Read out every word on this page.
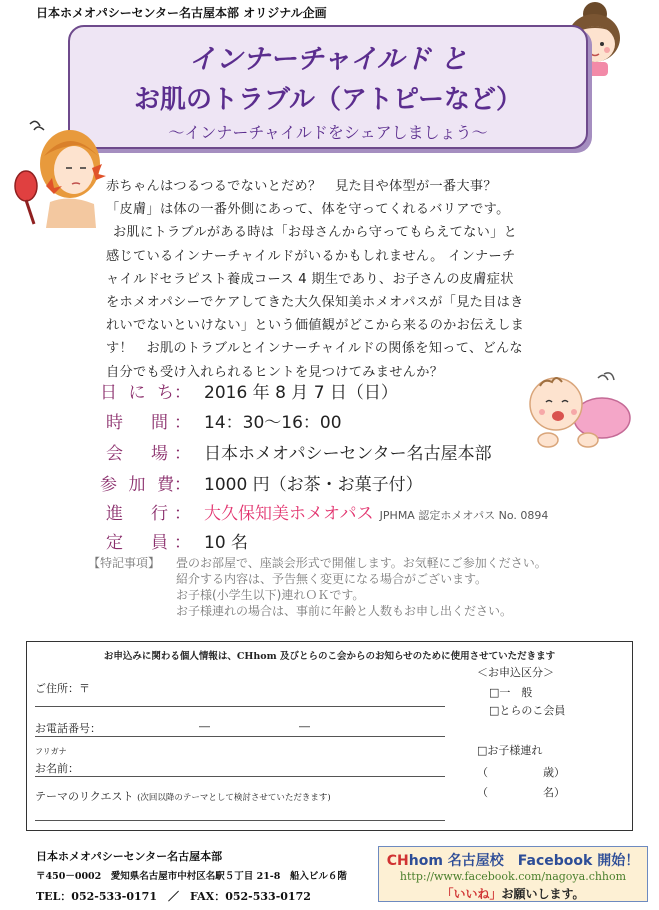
日本ホメオパシーセンター名古屋本部 オリジナル企画
インナーチャイルド と
お肌のトラブル（アトピーなど）
～インナーチャイルドをシェアしましょう～

赤ちゃんはつるつるでないとだめ？　見た目や体型が一番大事？

「皮膚」は体の一番外側にあって、体を守ってくれるバリアです。

お肌にトラブルがある時は「お母さんから守ってもらえてない」と

感じているインナーチャイルドがいるかもしれません。 インナーチ

ャイルドセラピスト養成コース 4 期生であり、お子さんの皮膚症状

をホメオパシーでケアしてきた大久保知美ホメオパスが「見た目はき

れいでないといけない」という価値観がどこから来るのかお伝えしま

す！　お肌のトラブルとインナーチャイルドの関係を知って、どんな

自分でも受け入れられるヒントを見つけてみませんか？

日にち ： 2016 年 8 月 7 日（日）
時間 ： 14：30～16：00
会場 ： 日本ホメオパシーセンター名古屋本部
参加費 ： 1000 円（お茶・お菓子付）
進行 ： 大久保知美ホメオパス JPHMA 認定ホメオパス No. 0894
定員 ： 10 名
【特記事項】 畳のお部屋で、座談会形式で開催します。お気軽にご参加ください。
紹介する内容は、予告無く変更になる場合がございます。
お子様(小学生以下)連れＯＫです。
お子様連れの場合は、事前に年齢と人数もお申し出ください。
お申込みに関わる個人情報は、CHhom 及びとらのこ会からのお知らせのために使用させていただきます
ご住所：〒
お電話番号：	―	―
フリガナ
お名前：
テーマのリクエスト (次回以降のテーマとして検討させていただきます)
＜お申込区分＞
□一　般
□とらのこ会員
□お子様連れ
（　　　　　歳）
（　　　　　名）
日本ホメオパシーセンター名古屋本部
〒450－0002　愛知県名古屋市中村区名駅５丁目 21-8　船入ビル６階
TEL：052-533-0171　／　FAX：052-533-0172
CHhom 名古屋校　Facebook 開始！
http://www.facebook.com/nagoya.chhom
「いいね」お願いします。
